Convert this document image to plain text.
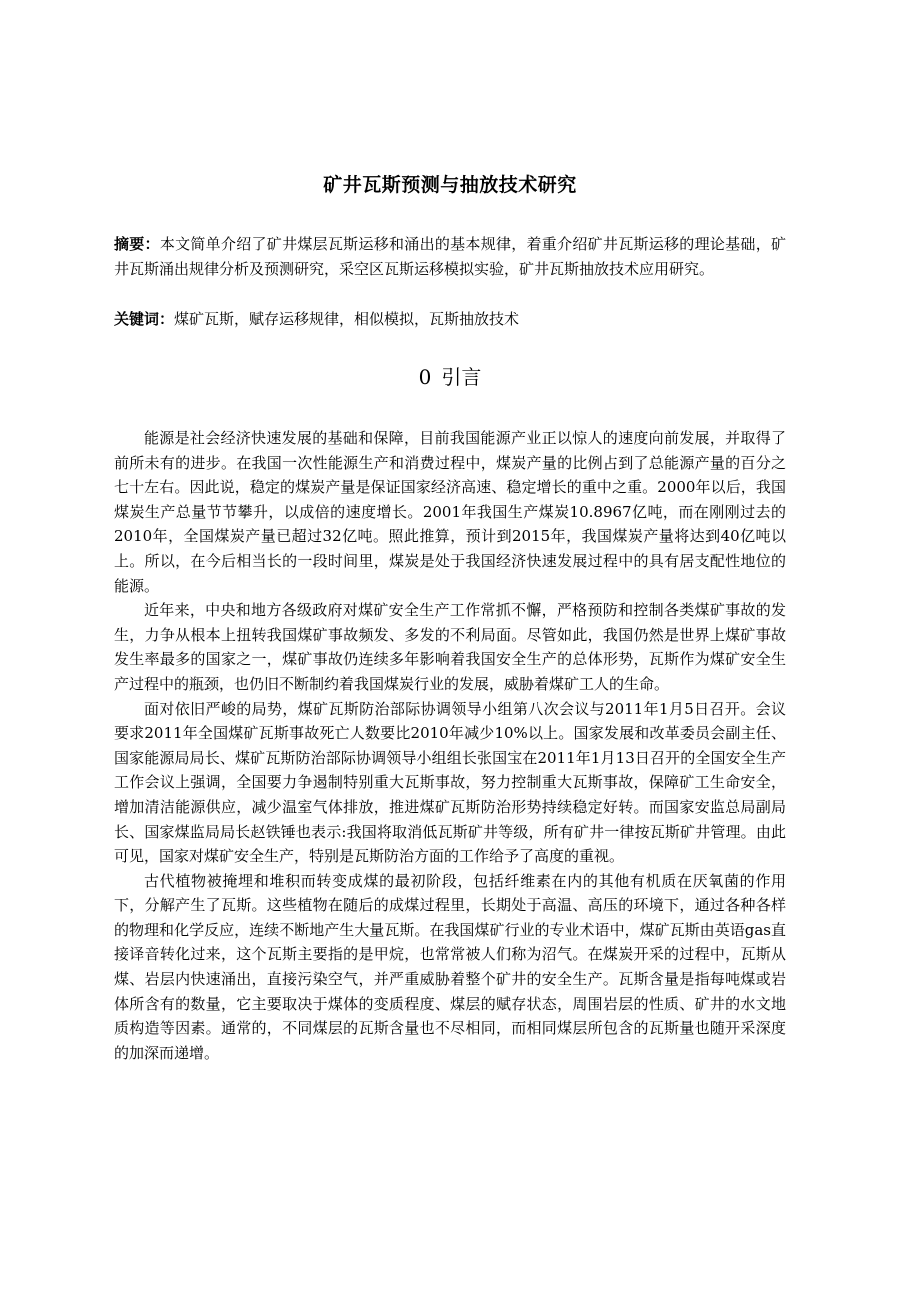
矿井瓦斯预测与抽放技术研究
摘要：本文简单介绍了矿井煤层瓦斯运移和涌出的基本规律，着重介绍矿井瓦斯运移的理论基础，矿井瓦斯涌出规律分析及预测研究，采空区瓦斯运移模拟实验，矿井瓦斯抽放技术应用研究。
关键词：煤矿瓦斯，赋存运移规律，相似模拟，瓦斯抽放技术
0 引言

能源是社会经济快速发展的基础和保障，目前我国能源产业正以惊人的速度向前发展，并取得了前所未有的进步。在我国一次性能源生产和消费过程中，煤炭产量的比例占到了总能源产量的百分之七十左右。因此说，稳定的煤炭产量是保证国家经济高速、稳定增长的重中之重。2000年以后，我国煤炭生产总量节节攀升，以成倍的速度增长。2001年我国生产煤炭10.8967亿吨，而在刚刚过去的2010年，全国煤炭产量已超过32亿吨。照此推算，预计到2015年，我国煤炭产量将达到40亿吨以上。所以，在今后相当长的一段时间里，煤炭是处于我国经济快速发展过程中的具有居支配性地位的能源。

近年来，中央和地方各级政府对煤矿安全生产工作常抓不懈，严格预防和控制各类煤矿事故的发生，力争从根本上扭转我国煤矿事故频发、多发的不利局面。尽管如此，我国仍然是世界上煤矿事故发生率最多的国家之一，煤矿事故仍连续多年影响着我国安全生产的总体形势，瓦斯作为煤矿安全生产过程中的瓶颈，也仍旧不断制约着我国煤炭行业的发展，威胁着煤矿工人的生命。

面对依旧严峻的局势，煤矿瓦斯防治部际协调领导小组第八次会议与2011年1月5日召开。会议要求2011年全国煤矿瓦斯事故死亡人数要比2010年减少10%以上。国家发展和改革委员会副主任、国家能源局局长、煤矿瓦斯防治部际协调领导小组组长张国宝在2011年1月13日召开的全国安全生产工作会议上强调，全国要力争遏制特别重大瓦斯事故，努力控制重大瓦斯事故，保障矿工生命安全，增加清洁能源供应，减少温室气体排放，推进煤矿瓦斯防治形势持续稳定好转。而国家安监总局副局长、国家煤监局局长赵铁锤也表示:我国将取消低瓦斯矿井等级，所有矿井一律按瓦斯矿井管理。由此可见，国家对煤矿安全生产，特别是瓦斯防治方面的工作给予了高度的重视。

古代植物被掩埋和堆积而转变成煤的最初阶段，包括纤维素在内的其他有机质在厌氧菌的作用下，分解产生了瓦斯。这些植物在随后的成煤过程里，长期处于高温、高压的环境下，通过各种各样的物理和化学反应，连续不断地产生大量瓦斯。在我国煤矿行业的专业术语中，煤矿瓦斯由英语gas直接译音转化过来，这个瓦斯主要指的是甲烷，也常常被人们称为沼气。在煤炭开采的过程中，瓦斯从煤、岩层内快速涌出，直接污染空气，并严重威胁着整个矿井的安全生产。瓦斯含量是指每吨煤或岩体所含有的数量，它主要取决于煤体的变质程度、煤层的赋存状态，周围岩层的性质、矿井的水文地质构造等因素。通常的，不同煤层的瓦斯含量也不尽相同，而相同煤层所包含的瓦斯量也随开采深度的加深而递增。
